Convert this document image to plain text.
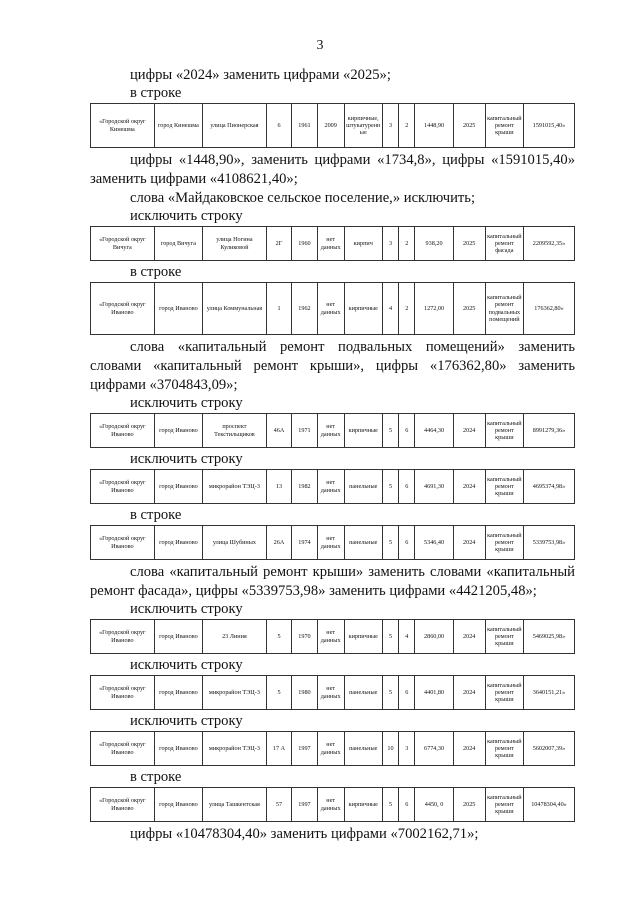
3

цифры «2024» заменить цифрами «2025»;

в строке

«Городской округ Кинешма	город Кинешма	улица Пионерская	6	1961	2009	кирпичные, штукатуренные	3	2	1448,90	2025	капитальный ремонт крыши	1591015,40»

цифры «1448,90», заменить цифрами «1734,8», цифры «1591015,40» заменить цифрами «4108621,40»;

слова «Майдаковское сельское поселение,» исключить;

исключить строку

«Городской округ Вичуга	город Вичуга	улица Ногина Куликовой	2Г	1960	нет данных	кирпич	3	2	938,20	2025	капитальный ремонт фасада	2209592,35»

в строке

«Городской округ Иваново	город Иваново	улица Коммунальная	1	1962	нет данных	кирпичные	4	2	1272,00	2025	капитальный ремонт подвальных помещений	176362,80»

слова «капитальный ремонт подвальных помещений» заменить словами «капитальный ремонт крыши», цифры «176362,80» заменить цифрами «3704843,09»;

исключить строку

«Городской округ Иваново	город Иваново	проспект Текстильщиков	46А	1971	нет данных	кирпичные	5	6	4464,30	2024	капитальный ремонт крыши	8991279,36»

исключить строку

«Городской округ Иваново	город Иваново	микрорайон ТЭЦ-3	13	1982	нет данных	панельные	5	6	4691,30	2024	капитальный ремонт крыши	4695374,98»

в строке

«Городской округ Иваново	город Иваново	улица Шубиных	26А	1974	нет данных	панельные	5	6	5346,40	2024	капитальный ремонт крыши	5339753,98»

слова «капитальный ремонт крыши» заменить словами «капитальный ремонт фасада», цифры «5339753,98» заменить цифрами «4421205,48»;

исключить строку

«Городской округ Иваново	город Иваново	23 Линия	5	1970	нет данных	кирпичные	5	4	2860,00	2024	капитальный ремонт крыши	5469025,98»

исключить строку

«Городской округ Иваново	город Иваново	микрорайон ТЭЦ-3	5	1980	нет данных	панельные	5	6	4401,80	2024	капитальный ремонт крыши	3640151,21»

исключить строку

«Городской округ Иваново	город Иваново	микрорайон ТЭЦ-3	17 А	1997	нет данных	панельные	10	3	6774,30	2024	капитальный ремонт крыши	5602007,39»

в строке

«Городской округ Иваново	город Иваново	улица Ташкентская	57	1997	нет данных	кирпичные	5	6	4450, 0	2025	капитальный ремонт крыши	10478304,40»

цифры «10478304,40» заменить цифрами «7002162,71»;
